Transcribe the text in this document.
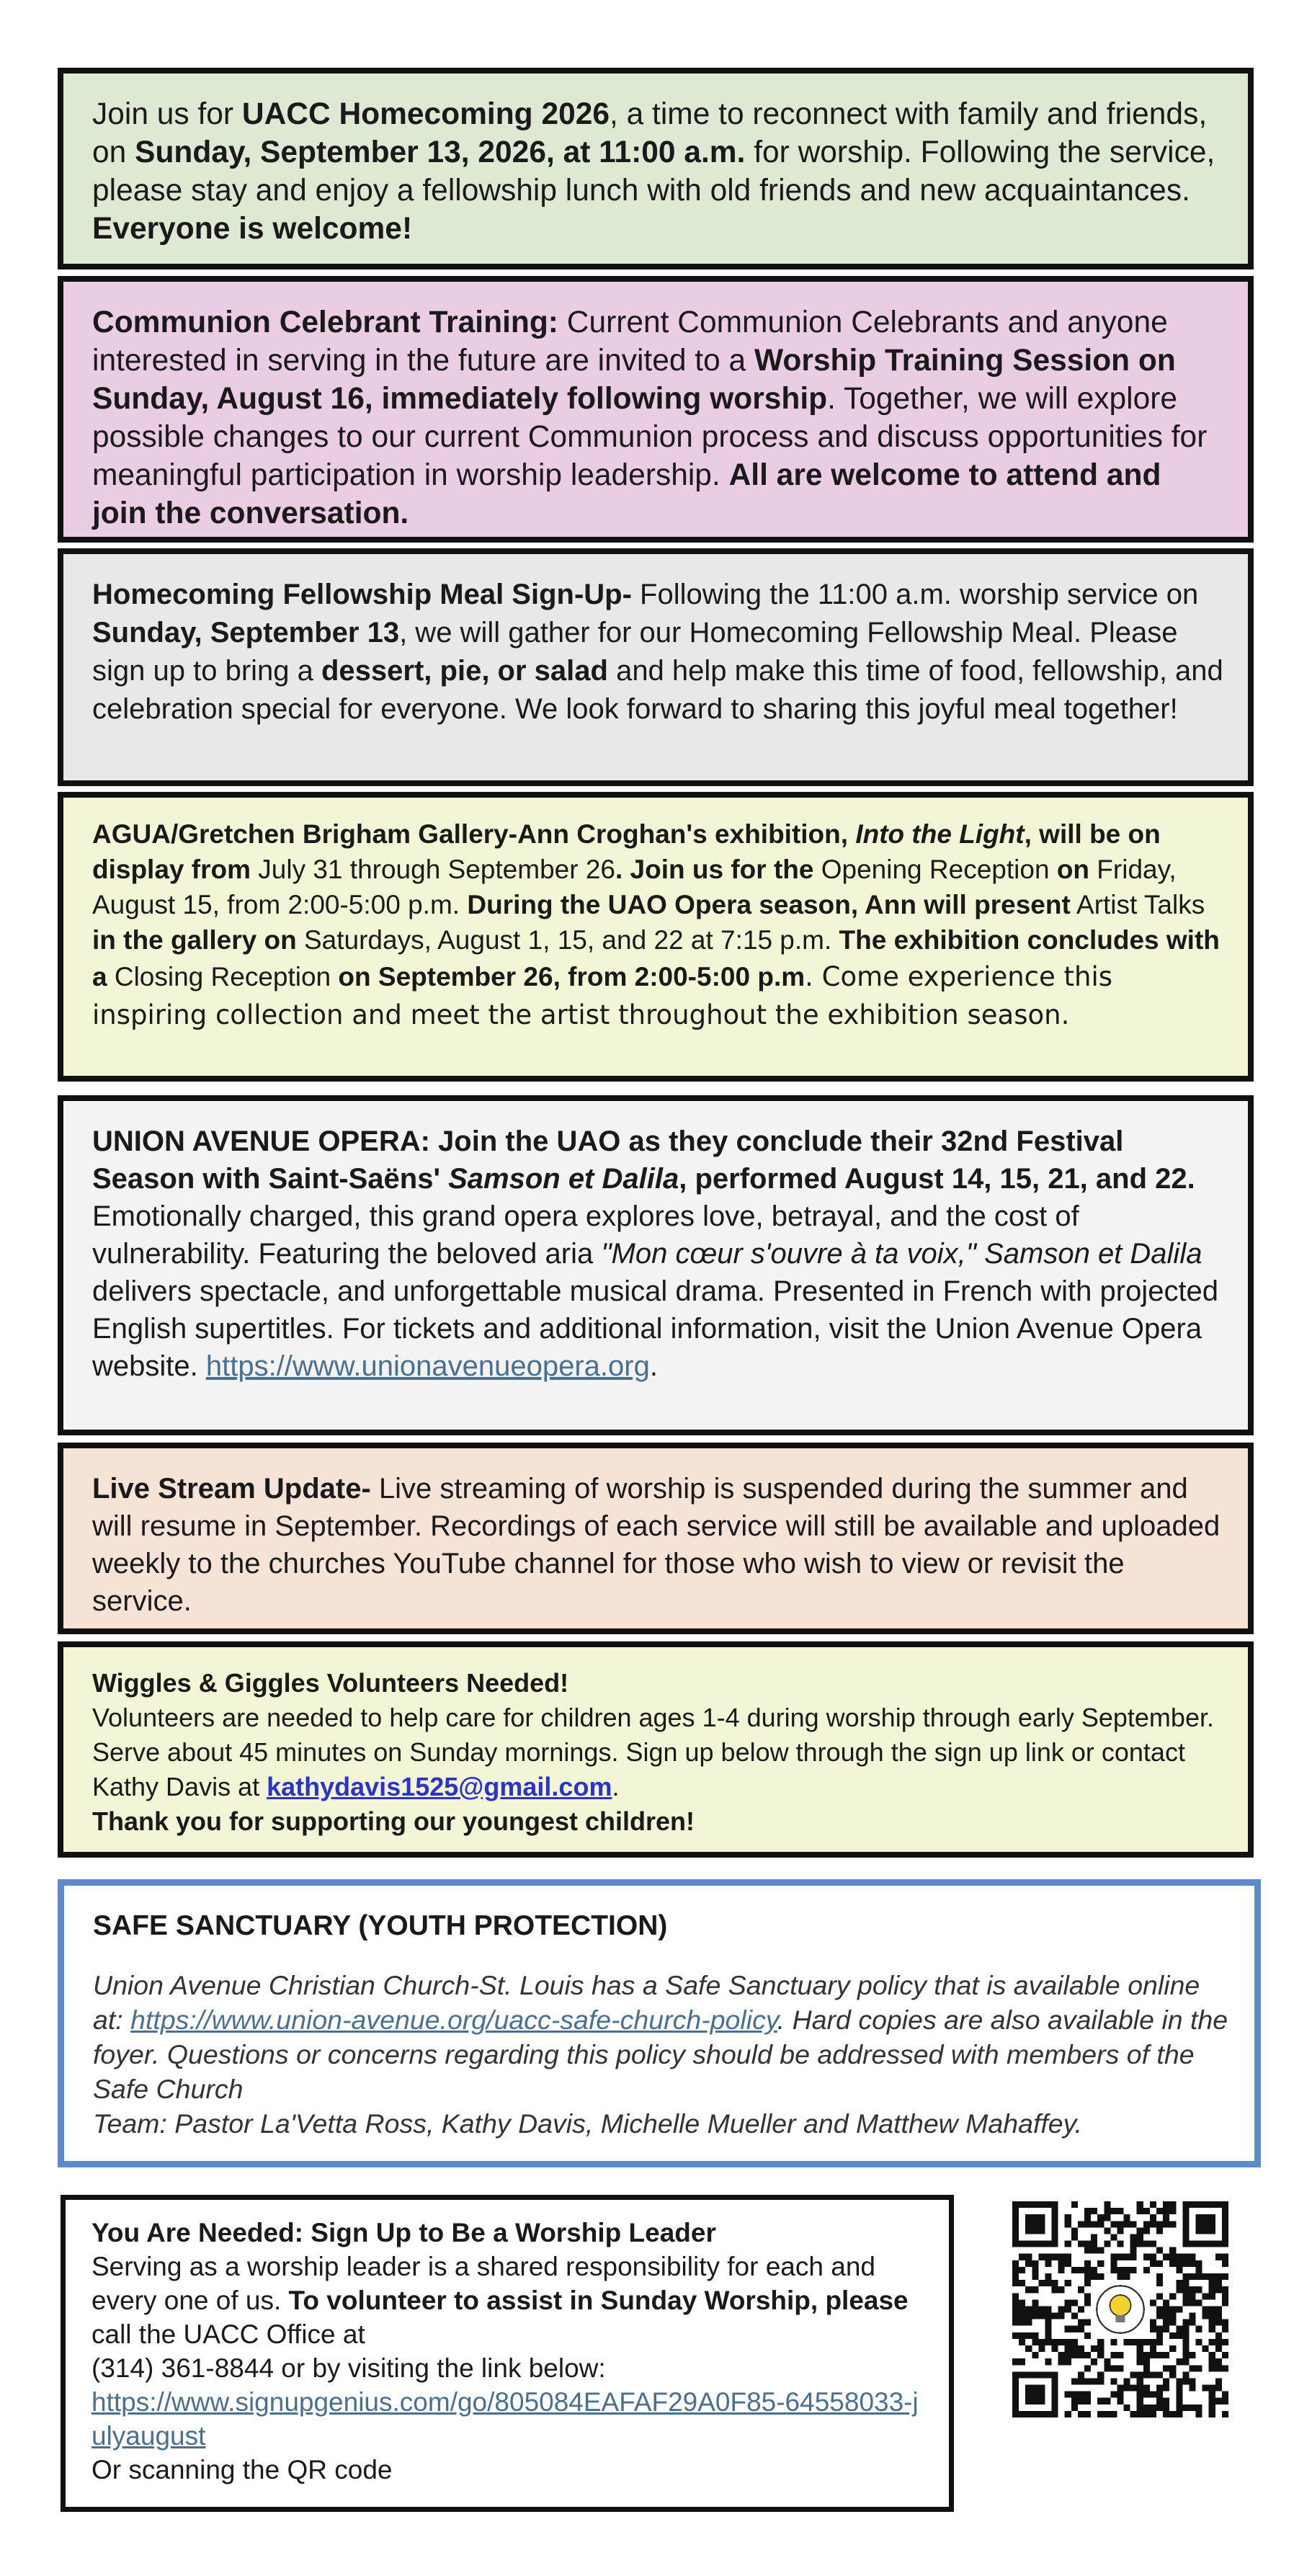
Join us for UACC Homecoming 2026, a time to reconnect with family and friends, on Sunday, September 13, 2026, at 11:00 a.m. for worship. Following the service, please stay and enjoy a fellowship lunch with old friends and new acquaintances. Everyone is welcome!

Communion Celebrant Training: Current Communion Celebrants and anyone interested in serving in the future are invited to a Worship Training Session on Sunday, August 16, immediately following worship. Together, we will explore possible changes to our current Communion process and discuss opportunities for meaningful participation in worship leadership. All are welcome to attend and join the conversation.

Homecoming Fellowship Meal Sign-Up- Following the 11:00 a.m. worship service on Sunday, September 13, we will gather for our Homecoming Fellowship Meal. Please sign up to bring a dessert, pie, or salad and help make this time of food, fellowship, and celebration special for everyone. We look forward to sharing this joyful meal together!

AGUA/Gretchen Brigham Gallery-Ann Croghan's exhibition, Into the Light, will be on display from July 31 through September 26. Join us for the Opening Reception on Friday, August 15, from 2:00-5:00 p.m. During the UAO Opera season, Ann will present Artist Talks in the gallery on Saturdays, August 1, 15, and 22 at 7:15 p.m. The exhibition concludes with a Closing Reception on September 26, from 2:00-5:00 p.m. Come experience this inspiring collection and meet the artist throughout the exhibition season.

UNION AVENUE OPERA: Join the UAO as they conclude their 32nd Festival Season with Saint-Saëns' Samson et Dalila, performed August 14, 15, 21, and 22. Emotionally charged, this grand opera explores love, betrayal, and the cost of vulnerability. Featuring the beloved aria "Mon cœur s'ouvre à ta voix," Samson et Dalila delivers spectacle, and unforgettable musical drama. Presented in French with projected English supertitles. For tickets and additional information, visit the Union Avenue Opera website. https://www.unionavenueopera.org.

Live Stream Update- Live streaming of worship is suspended during the summer and will resume in September. Recordings of each service will still be available and uploaded weekly to the churches YouTube channel for those who wish to view or revisit the service.

Wiggles & Giggles Volunteers Needed!
Volunteers are needed to help care for children ages 1-4 during worship through early September. Serve about 45 minutes on Sunday mornings. Sign up below through the sign up link or contact Kathy Davis at kathydavis1525@gmail.com.
Thank you for supporting our youngest children!

SAFE SANCTUARY (YOUTH PROTECTION)

Union Avenue Christian Church-St. Louis has a Safe Sanctuary policy that is available online at: https://www.union-avenue.org/uacc-safe-church-policy. Hard copies are also available in the foyer. Questions or concerns regarding this policy should be addressed with members of the Safe Church
Team: Pastor La'Vetta Ross, Kathy Davis, Michelle Mueller and Matthew Mahaffey.

You Are Needed: Sign Up to Be a Worship Leader
Serving as a worship leader is a shared responsibility for each and every one of us. To volunteer to assist in Sunday Worship, please call the UACC Office at
(314) 361-8844 or by visiting the link below:
https://www.signupgenius.com/go/805084EAFAF29A0F85-64558033-julyaugust
Or scanning the QR code
